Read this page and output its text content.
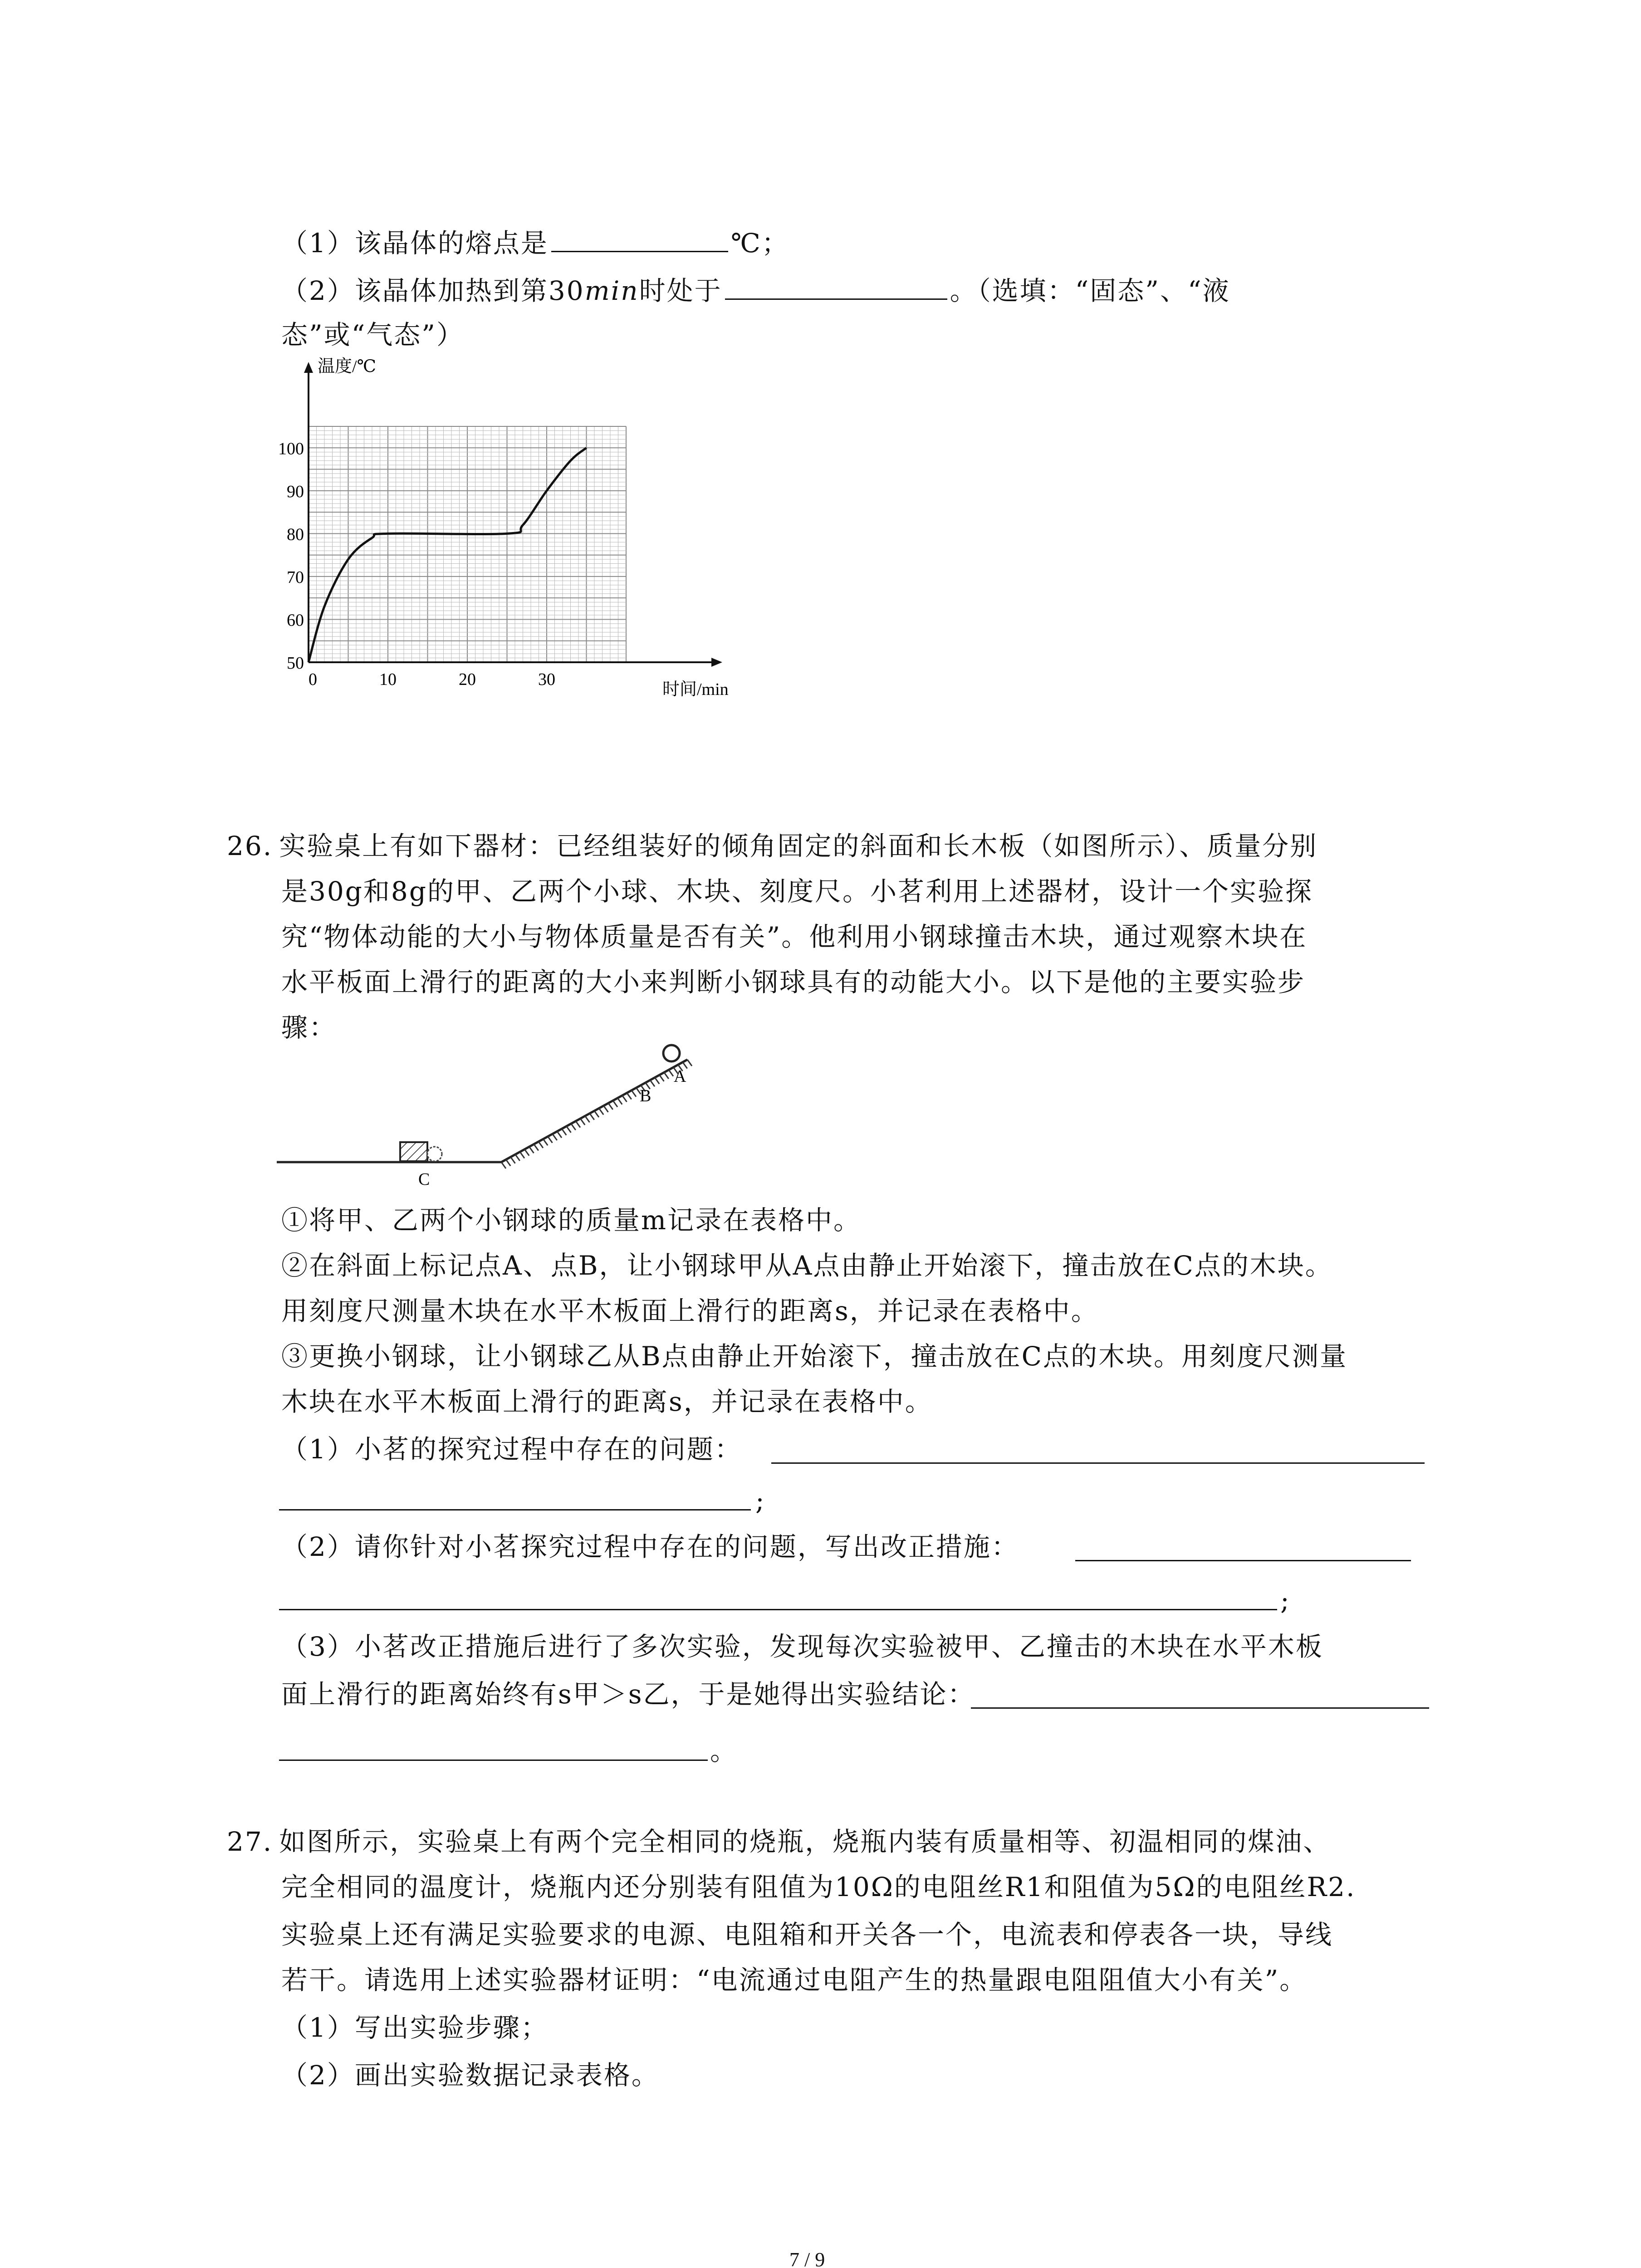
（1）该晶体的熔点是	℃；
（2）该晶体加热到第30min时处于	。（选填：“固态”、“液
态”或“气态”）
50
60
70
80
90
100
0	10	20	30
温度/℃
时间/min
26. 实验桌上有如下器材：已经组装好的倾角固定的斜面和长木板（如图所示）、质量分别
是30g和8g的甲、乙两个小球、木块、刻度尺。小茗利用上述器材，设计一个实验探
究“物体动能的大小与物体质量是否有关”。他利用小钢球撞击木块，通过观察木块在
水平板面上滑行的距离的大小来判断小钢球具有的动能大小。以下是他的主要实验步
骤：
A
B
C
①将甲、乙两个小钢球的质量m记录在表格中。
②在斜面上标记点A、点B，让小钢球甲从A点由静止开始滚下，撞击放在C点的木块。
用刻度尺测量木块在水平木板面上滑行的距离s，并记录在表格中。
③更换小钢球，让小钢球乙从B点由静止开始滚下，撞击放在C点的木块。用刻度尺测量
木块在水平木板面上滑行的距离s，并记录在表格中。
（1）小茗的探究过程中存在的问题：
;
（2）请你针对小茗探究过程中存在的问题，写出改正措施：
;
（3）小茗改正措施后进行了多次实验，发现每次实验被甲、乙撞击的木块在水平木板
面上滑行的距离始终有s甲＞s乙，于是她得出实验结论：
。
27. 如图所示，实验桌上有两个完全相同的烧瓶，烧瓶内装有质量相等、初温相同的煤油、
完全相同的温度计，烧瓶内还分别装有阻值为10Ω的电阻丝R1和阻值为5Ω的电阻丝R2.
实验桌上还有满足实验要求的电源、电阻箱和开关各一个，电流表和停表各一块，导线
若干。请选用上述实验器材证明：“电流通过电阻产生的热量跟电阻阻值大小有关”。
（1）写出实验步骤；
（2）画出实验数据记录表格。
7 / 9
